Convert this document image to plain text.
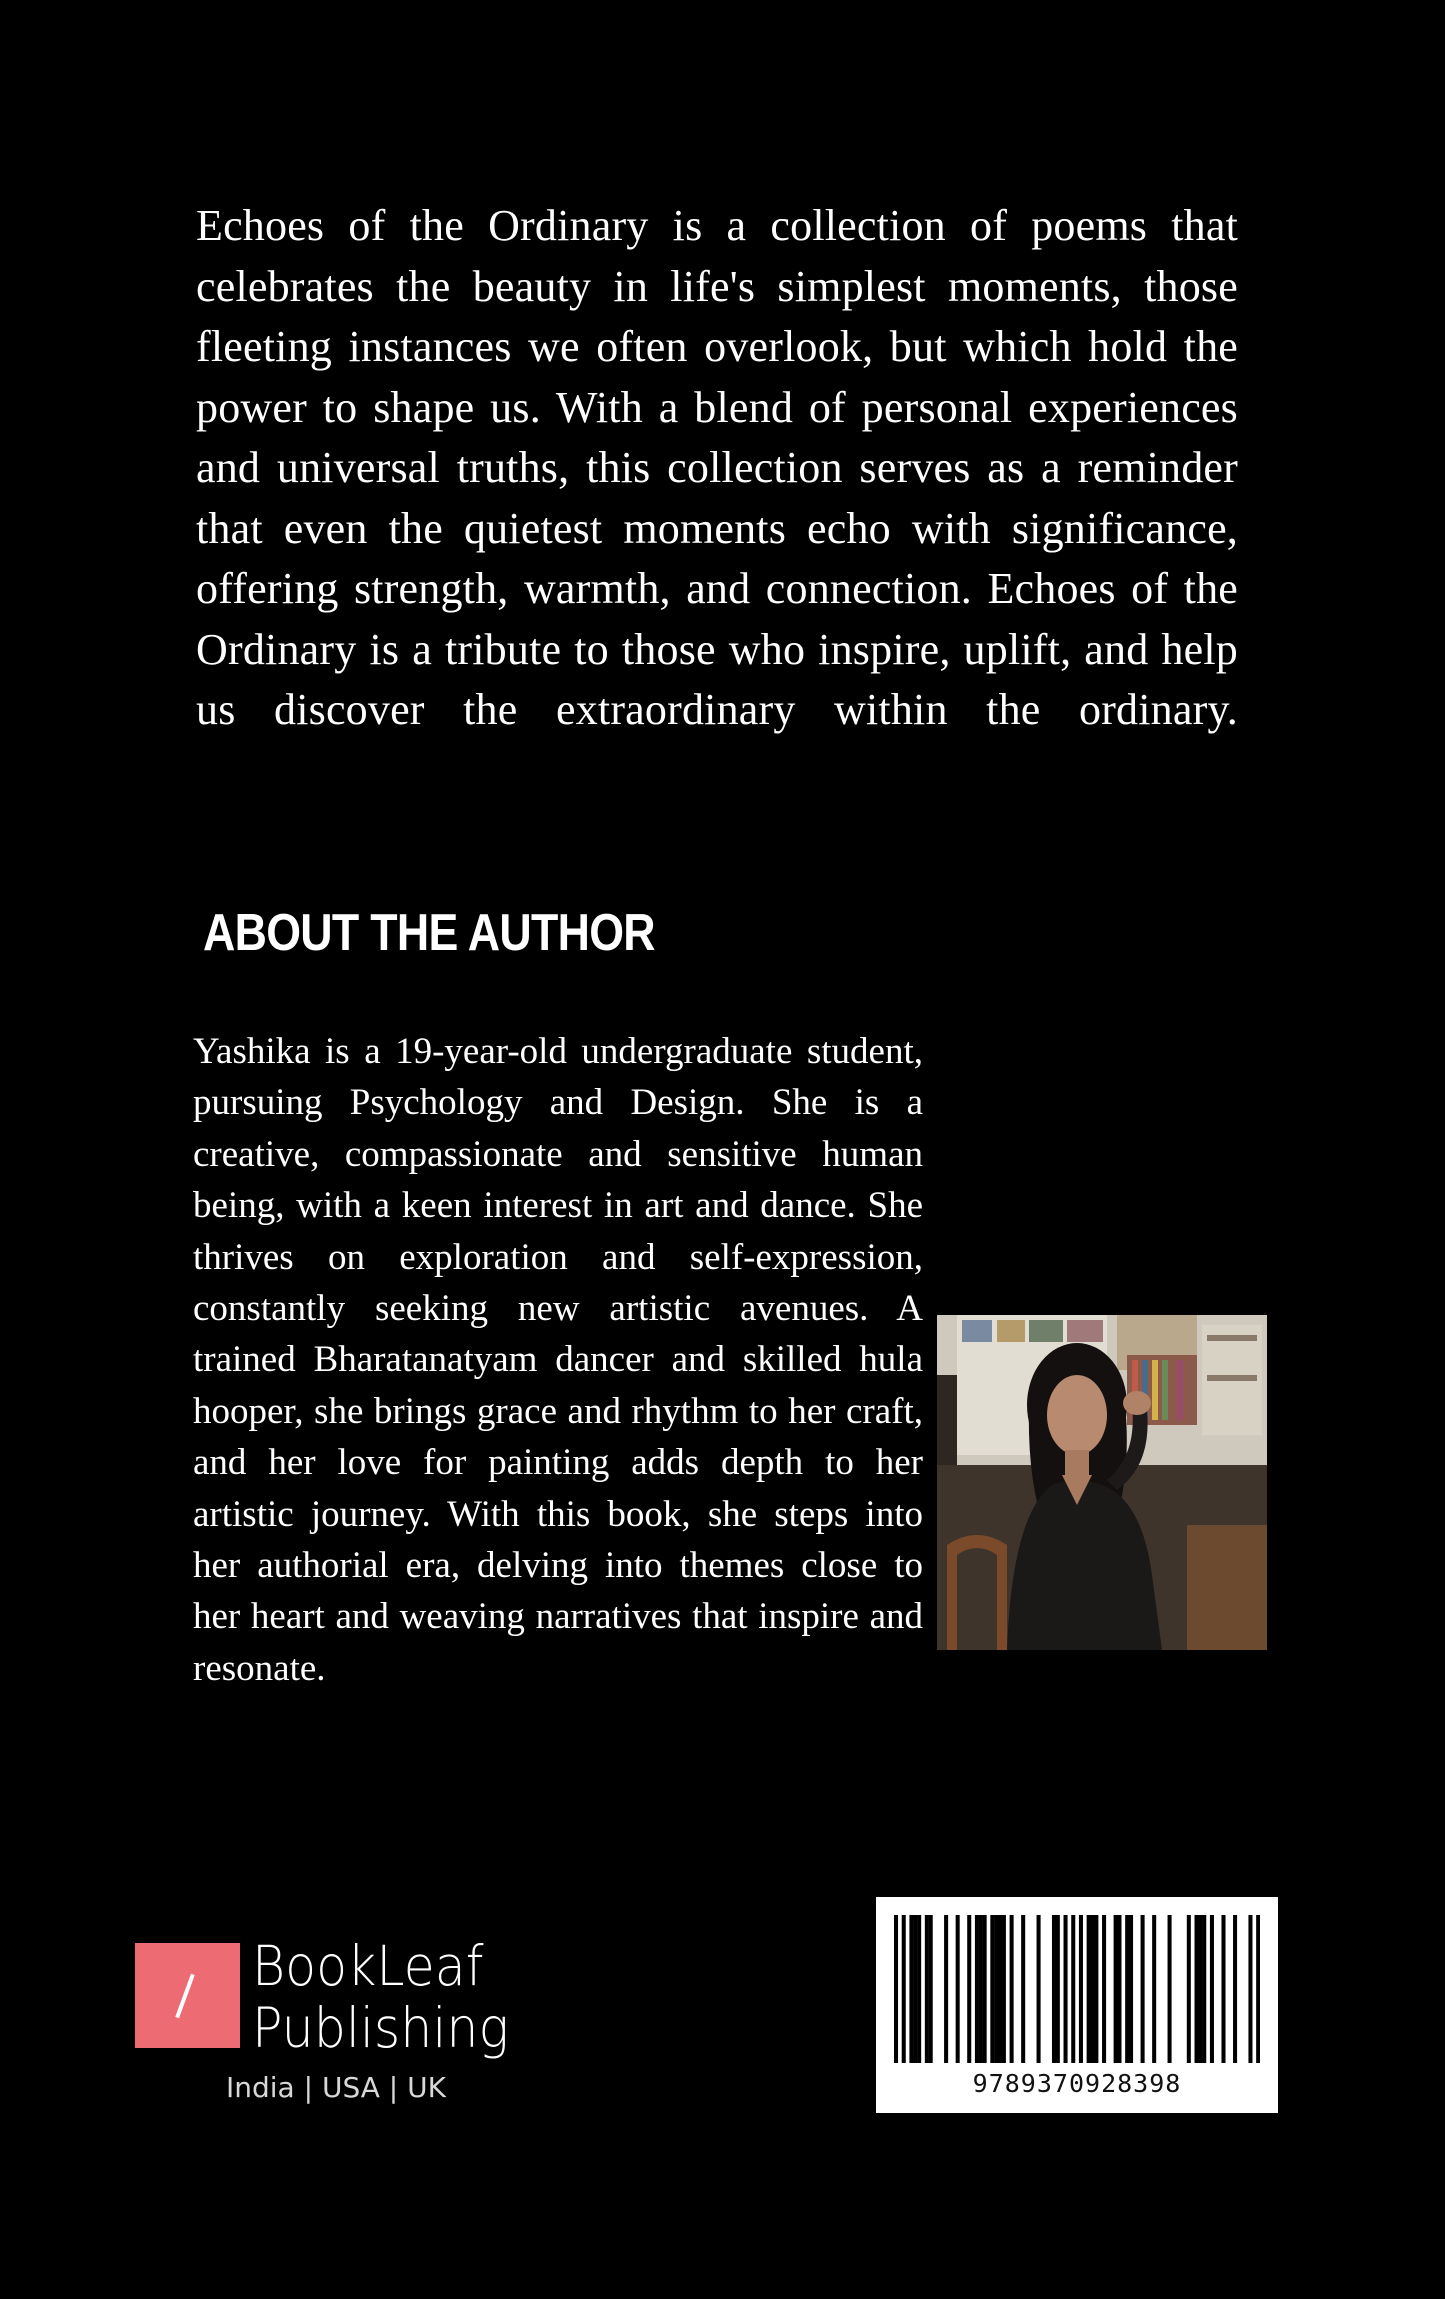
Echoes of the Ordinary is a collection of poems that celebrates the beauty in life's simplest moments, those fleeting instances we often overlook, but which hold the power to shape us. With a blend of personal experiences and universal truths, this collection serves as a reminder that even the quietest moments echo with significance, offering strength, warmth, and connection. Echoes of the Ordinary is a tribute to those who inspire, uplift, and help us discover the extraordinary within the ordinary.

ABOUT THE AUTHOR

Yashika is a 19-year-old undergraduate student, pursuing Psychology and Design. She is a creative, compassionate and sensitive human being, with a keen interest in art and dance. She thrives on exploration and self-expression, constantly seeking new artistic avenues. A trained Bharatanatyam dancer and skilled hula hooper, she brings grace and rhythm to her craft, and her love for painting adds depth to her artistic journey. With this book, she steps into her authorial era, delving into themes close to her heart and weaving narratives that inspire and resonate.

BookLeaf
Publishing
India | USA | UK	9789370928398
